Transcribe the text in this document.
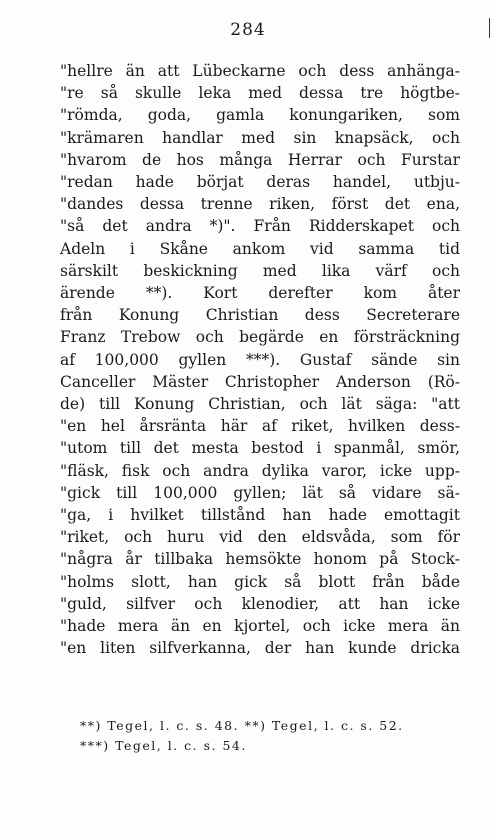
284
"hellre än att Lübeckarne och dess anhänga-
"re så skulle leka med dessa tre högtbe-
"römda, goda, gamla konungariken, som
"krämaren handlar med sin knapsäck, och
"hvarom de hos många Herrar och Furstar
"redan hade börjat deras handel, utbju-
"dandes dessa trenne riken, först det ena,
"så det andra *)". Från Ridderskapet och
Adeln i Skåne ankom vid samma tid
särskilt beskickning med lika värf och
ärende **). Kort derefter kom åter
från Konung Christian dess Secreterare
Franz Trebow och begärde en försträckning
af 100,000 gyllen ***). Gustaf sände sin
Canceller Mäster Christopher Anderson (Rö-
de) till Konung Christian, och lät säga: "att
"en hel årsränta här af riket, hvilken dess-
"utom till det mesta bestod i spanmål, smör,
"fläsk, fisk och andra dylika varor, icke upp-
"gick till 100,000 gyllen; lät så vidare sä-
"ga, i hvilket tillstånd han hade emottagit
"riket, och huru vid den eldsvåda, som för
"några år tillbaka hemsökte honom på Stock-
"holms slott, han gick så blott från både
"guld, silfver och klenodier, att han icke
"hade mera än en kjortel, och icke mera än
"en liten silfverkanna, der han kunde dricka
**) Tegel, l. c. s. 48. **) Tegel, l. c. s. 52.
***) Tegel, l. c. s. 54.
